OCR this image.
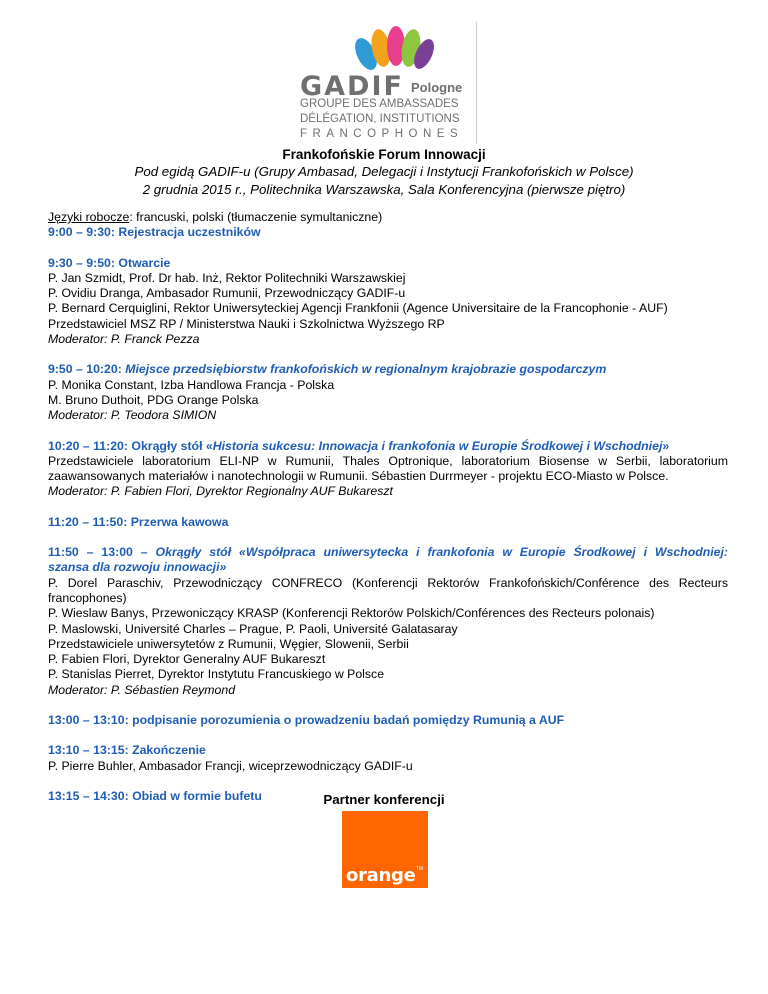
GADIF Pologne
GROUPE DES AMBASSADES
DÉLÉGATION, INSTITUTIONS
FRANCOPHONES
Frankofońskie Forum Innowacji
Pod egidą GADIF-u (Grupy Ambasad, Delegacji i Instytucji Frankofońskich w Polsce)
2 grudnia 2015 r., Politechnika Warszawska, Sala Konferencyjna (pierwsze piętro)
Języki robocze: francuski, polski (tłumaczenie symultaniczne)
9:00 – 9:30: Rejestracja uczestników
9:30 – 9:50: Otwarcie
P. Jan Szmidt, Prof. Dr hab. Inż, Rektor Politechniki Warszawskiej
P. Ovidiu Dranga, Ambasador Rumunii, Przewodniczący GADIF-u
P. Bernard Cerquiglini, Rektor Uniwersyteckiej Agencji Frankfonii (Agence Universitaire de la Francophonie - AUF)
Przedstawiciel MSZ RP / Ministerstwa Nauki i Szkolnictwa Wyższego RP
Moderator: P. Franck Pezza
9:50 – 10:20: Miejsce przedsiębiorstw frankofońskich w regionalnym krajobrazie gospodarczym
P. Monika Constant, Izba Handlowa Francja - Polska
M. Bruno Duthoit, PDG Orange Polska
Moderator: P. Teodora SIMION
10:20 – 11:20: Okrągły stół «Historia sukcesu: Innowacja i frankofonia w Europie Środkowej i Wschodniej»
Przedstawiciele laboratorium ELI-NP w Rumunii, Thales Optronique, laboratorium Biosense w Serbii, laboratorium
zaawansowanych materiałów i nanotechnologii w Rumunii. Sébastien Durrmeyer - projektu ECO-Miasto w Polsce.
Moderator: P. Fabien Flori, Dyrektor Regionalny AUF Bukareszt
11:20 – 11:50: Przerwa kawowa
11:50 – 13:00 – Okrągły stół «Współpraca uniwersytecka i frankofonia w Europie Środkowej i Wschodniej:
szansa dla rozwoju innowacji»
P. Dorel Paraschiv, Przewodniczący CONFRECO (Konferencji Rektorów Frankofońskich/Conférence des Recteurs
francophones)
P. Wieslaw Banys, Przewoniczący KRASP (Konferencji Rektorów Polskich/Conférences des Recteurs polonais)
P. Maslowski, Université Charles – Prague, P. Paoli, Université Galatasaray
Przedstawiciele uniwersytetów z Rumunii, Węgier, Slowenii, Serbii
P. Fabien Flori, Dyrektor Generalny AUF Bukareszt
P. Stanislas Pierret, Dyrektor Instytutu Francuskiego w Polsce
Moderator: P. Sébastien Reymond
13:00 – 13:10: podpisanie porozumienia o prowadzeniu badań pomiędzy Rumunią a AUF
13:10 – 13:15: Zakończenie
P. Pierre Buhler, Ambasador Francji, wiceprzewodniczący GADIF-u
13:15 – 14:30: Obiad w formie bufetu	Partner konferencji
orange TM
